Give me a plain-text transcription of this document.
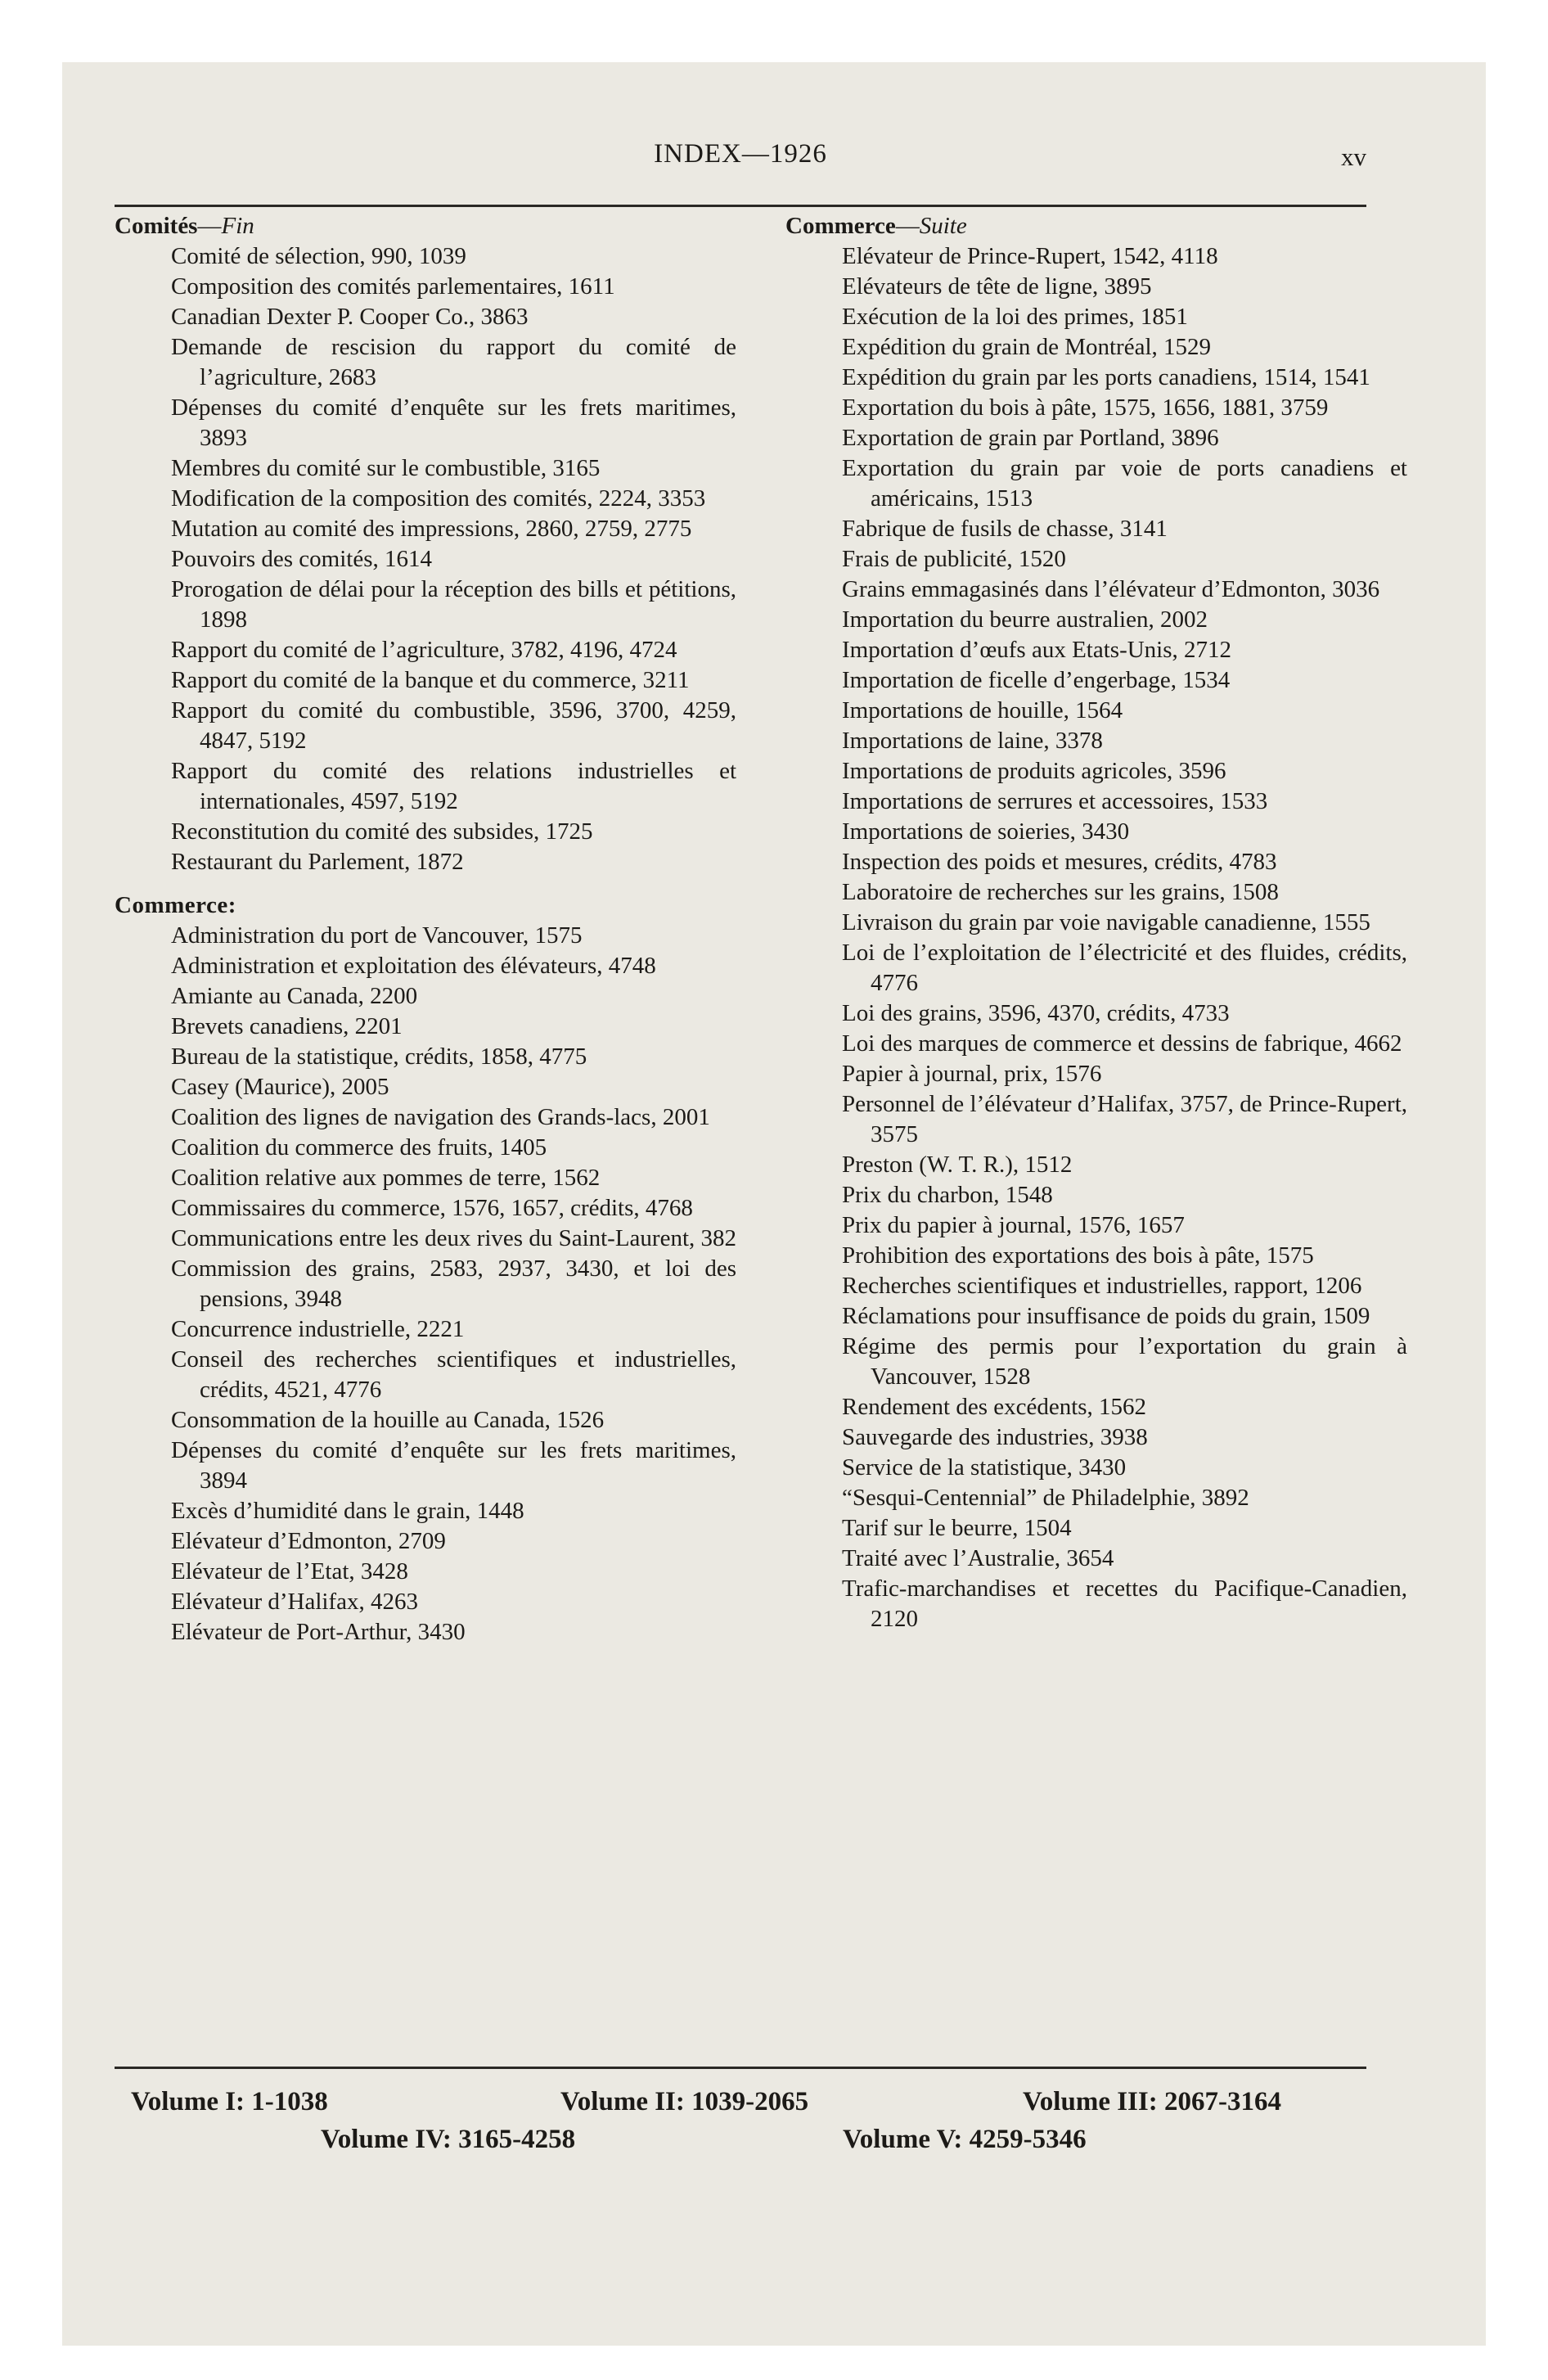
INDEX—1926	xv
Comités—Fin
Comité de sélection, 990, 1039
Composition des comités parlementaires, 1611
Canadian Dexter P. Cooper Co., 3863
Demande de rescision du rapport du comité de l’agriculture, 2683
Dépenses du comité d’enquête sur les frets maritimes, 3893
Membres du comité sur le combustible, 3165
Modification de la composition des comités, 2224, 3353
Mutation au comité des impressions, 2860, 2759, 2775
Pouvoirs des comités, 1614
Prorogation de délai pour la réception des bills et pétitions, 1898
Rapport du comité de l’agriculture, 3782, 4196, 4724
Rapport du comité de la banque et du commerce, 3211
Rapport du comité du combustible, 3596, 3700, 4259, 4847, 5192
Rapport du comité des relations industrielles et internationales, 4597, 5192
Reconstitution du comité des subsides, 1725
Restaurant du Parlement, 1872
Commerce:
Administration du port de Vancouver, 1575
Administration et exploitation des élévateurs, 4748
Amiante au Canada, 2200
Brevets canadiens, 2201
Bureau de la statistique, crédits, 1858, 4775
Casey (Maurice), 2005
Coalition des lignes de navigation des Grands-lacs, 2001
Coalition du commerce des fruits, 1405
Coalition relative aux pommes de terre, 1562
Commissaires du commerce, 1576, 1657, crédits, 4768
Communications entre les deux rives du Saint-Laurent, 382
Commission des grains, 2583, 2937, 3430, et loi des pensions, 3948
Concurrence industrielle, 2221
Conseil des recherches scientifiques et industrielles, crédits, 4521, 4776
Consommation de la houille au Canada, 1526
Dépenses du comité d’enquête sur les frets maritimes, 3894
Excès d’humidité dans le grain, 1448
Elévateur d’Edmonton, 2709
Elévateur de l’Etat, 3428
Elévateur d’Halifax, 4263
Elévateur de Port-Arthur, 3430
Commerce—Suite
Elévateur de Prince-Rupert, 1542, 4118
Elévateurs de tête de ligne, 3895
Exécution de la loi des primes, 1851
Expédition du grain de Montréal, 1529
Expédition du grain par les ports canadiens, 1514, 1541
Exportation du bois à pâte, 1575, 1656, 1881, 3759
Exportation de grain par Portland, 3896
Exportation du grain par voie de ports canadiens et américains, 1513
Fabrique de fusils de chasse, 3141
Frais de publicité, 1520
Grains emmagasinés dans l’élévateur d’Edmonton, 3036
Importation du beurre australien, 2002
Importation d’œufs aux Etats-Unis, 2712
Importation de ficelle d’engerbage, 1534
Importations de houille, 1564
Importations de laine, 3378
Importations de produits agricoles, 3596
Importations de serrures et accessoires, 1533
Importations de soieries, 3430
Inspection des poids et mesures, crédits, 4783
Laboratoire de recherches sur les grains, 1508
Livraison du grain par voie navigable canadienne, 1555
Loi de l’exploitation de l’électricité et des fluides, crédits, 4776
Loi des grains, 3596, 4370, crédits, 4733
Loi des marques de commerce et dessins de fabrique, 4662
Papier à journal, prix, 1576
Personnel de l’élévateur d’Halifax, 3757, de Prince-Rupert, 3575
Preston (W. T. R.), 1512
Prix du charbon, 1548
Prix du papier à journal, 1576, 1657
Prohibition des exportations des bois à pâte, 1575
Recherches scientifiques et industrielles, rapport, 1206
Réclamations pour insuffisance de poids du grain, 1509
Régime des permis pour l’exportation du grain à Vancouver, 1528
Rendement des excédents, 1562
Sauvegarde des industries, 3938
Service de la statistique, 3430
“Sesqui-Centennial” de Philadelphie, 3892
Tarif sur le beurre, 1504
Traité avec l’Australie, 3654
Trafic-marchandises et recettes du Pacifique-Canadien, 2120
Volume I: 1-1038	Volume II: 1039-2065	Volume III: 2067-3164
Volume IV: 3165-4258	Volume V: 4259-5346
